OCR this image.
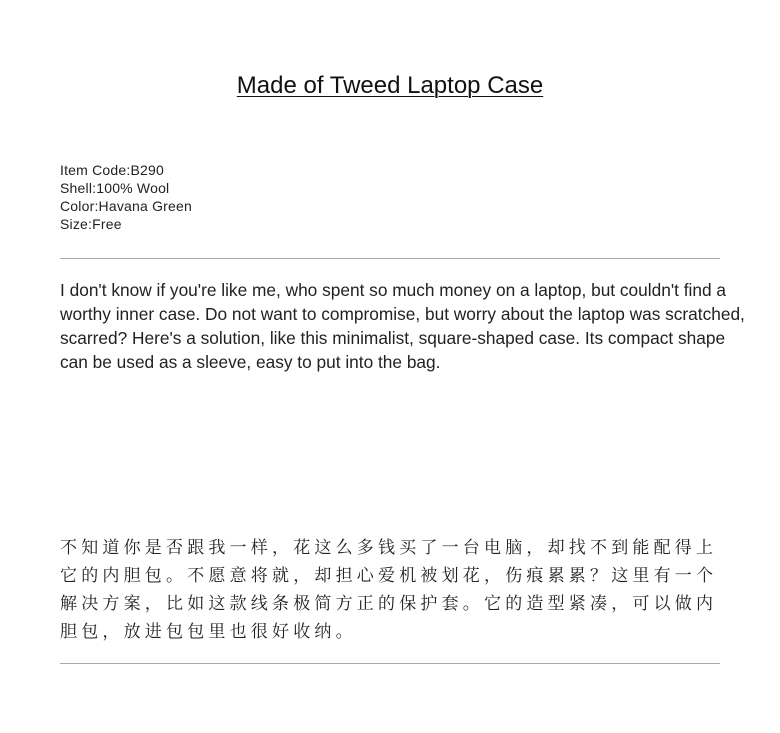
Made of Tweed Laptop Case
Item Code:B290
Shell:100% Wool
Color:Havana Green
Size:Free

I don't know if you're like me, who spent so much money on a laptop, but couldn't find a worthy inner case. Do not want to compromise, but worry about the laptop was scratched, scarred? Here's a solution, like this minimalist, square-shaped case. Its compact shape can be used as a sleeve, easy to put into the bag.

不知道你是否跟我一样，花这么多钱买了一台电脑，却找不到能配得上它的内胆包。不愿意将就，却担心爱机被划花，伤痕累累？这里有一个解决方案，比如这款线条极简方正的保护套。它的造型紧凑，可以做内胆包，放进包包里也很好收纳。
